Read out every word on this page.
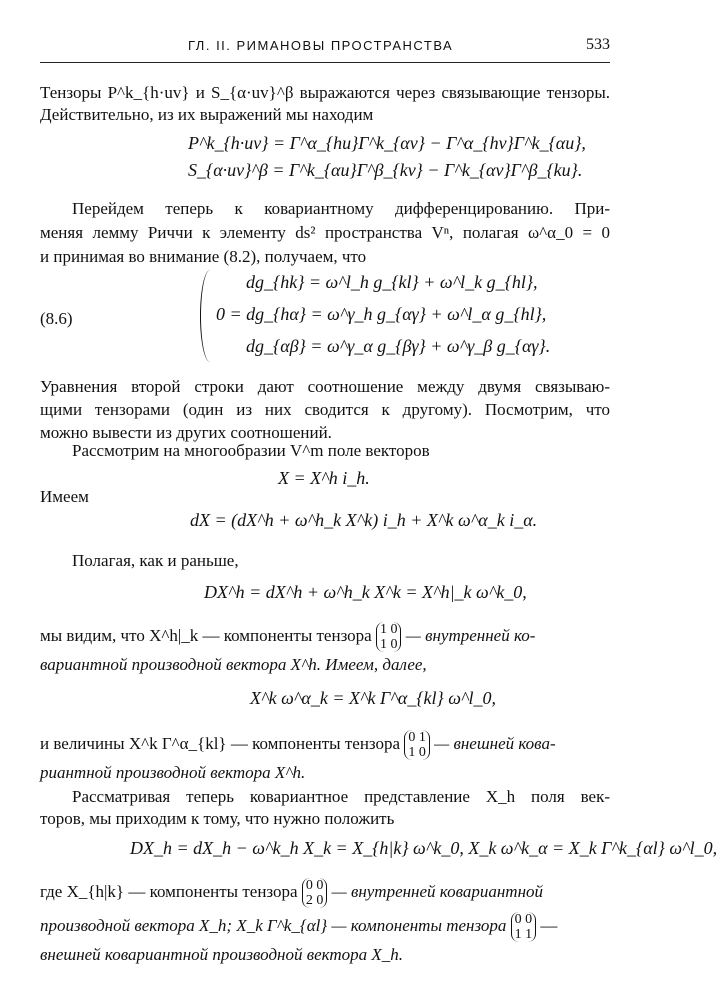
ГЛ. II. РИМАНОВЫ ПРОСТРАНСТВА	533
Тензоры P^k_{h·uv} и S_{α·uv}^β выражаются через связывающие тензоры.
Действительно, из их выражений мы находим
P^k_{h·uv} = Γ^α_{hu}Γ^k_{αv} − Γ^α_{hv}Γ^k_{αu},
S_{α·uv}^β = Γ^k_{αu}Γ^β_{kv} − Γ^k_{αv}Γ^β_{ku}.
Перейдем теперь к ковариантному дифференцированию. При-
меняя лемму Риччи к элементу ds² пространства Vⁿ, полагая ω^α_0 = 0
и принимая во внимание (8.2), получаем, что
(8.6)
dg_{hk} = ω^l_h g_{kl} + ω^l_k g_{hl},
0 = dg_{hα} = ω^γ_h g_{αγ} + ω^l_α g_{hl},
dg_{αβ} = ω^γ_α g_{βγ} + ω^γ_β g_{αγ}.
Уравнения второй строки дают соотношение между двумя связываю-
щими тензорами (один из них сводится к другому). Посмотрим, что
можно вывести из других соотношений.
Рассмотрим на многообразии V^m поле векторов
X = X^h i_h.
Имеем
dX = (dX^h + ω^h_k X^k) i_h + X^k ω^α_k i_α.
Полагая, как и раньше,
DX^h = dX^h + ω^h_k X^k = X^h|_k ω^k_0,
мы видим, что X^h|_k — компоненты тензора 1 0
1 0 — внутренней ко-
вариантной производной вектора X^h. Имеем, далее,
X^k ω^α_k = X^k Γ^α_{kl} ω^l_0,
и величины X^k Γ^α_{kl} — компоненты тензора 0 1
1 0 — внешней кова-
риантной производной вектора X^h.
Рассматривая теперь ковариантное представление X_h поля век-
торов, мы приходим к тому, что нужно положить
DX_h = dX_h − ω^k_h X_k = X_{h|k} ω^k_0, X_k ω^k_α = X_k Γ^k_{αl} ω^l_0,
где X_{h|k} — компоненты тензора 0 0
2 0 — внутренней ковариантной
производной вектора X_h; X_k Γ^k_{αl} — компоненты тензора 0 0
1 1 —
внешней ковариантной производной вектора X_h.
